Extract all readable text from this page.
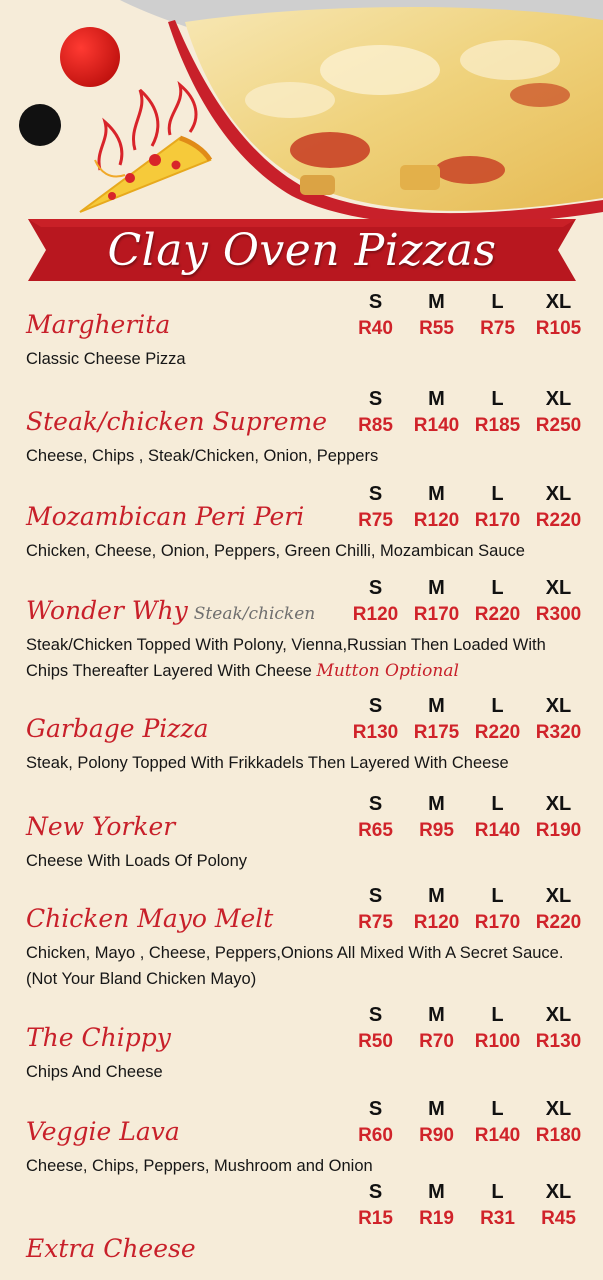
Clay Oven Pizzas
S	M	L	XL
R40	R55	R75	R105
Margherita
Classic Cheese Pizza
S	M	L	XL
R85	R140 R185 R250
Steak/chicken Supreme
Cheese, Chips , Steak/Chicken, Onion, Peppers
S	M	L	XL
R75	R120 R170 R220
Mozambican Peri Peri
Chicken, Cheese, Onion, Peppers, Green Chilli, Mozambican Sauce
S	M	L	XL
R120 R170 R220 R300
Wonder Why Steak/chicken
Steak/Chicken Topped With Polony, Vienna,Russian Then Loaded With Chips Thereafter Layered With Cheese Mutton Optional
S	M	L	XL
R130 R175 R220 R320
Garbage Pizza
Steak, Polony Topped With Frikkadels Then Layered With Cheese
S	M	L	XL
R65	R95	R140 R190
New Yorker
Cheese With Loads Of Polony
S	M	L	XL
R75	R120 R170 R220
Chicken Mayo Melt
Chicken, Mayo , Cheese, Peppers,Onions All Mixed With A Secret Sauce. (Not Your Bland Chicken Mayo)
S	M	L	XL
R50	R70	R100 R130
The Chippy
Chips And Cheese
S	M	L	XL
R60	R90	R140 R180
Veggie Lava
Cheese, Chips, Peppers, Mushroom and Onion
S	M	L	XL
R15	R19	R31	R45
Extra Cheese
